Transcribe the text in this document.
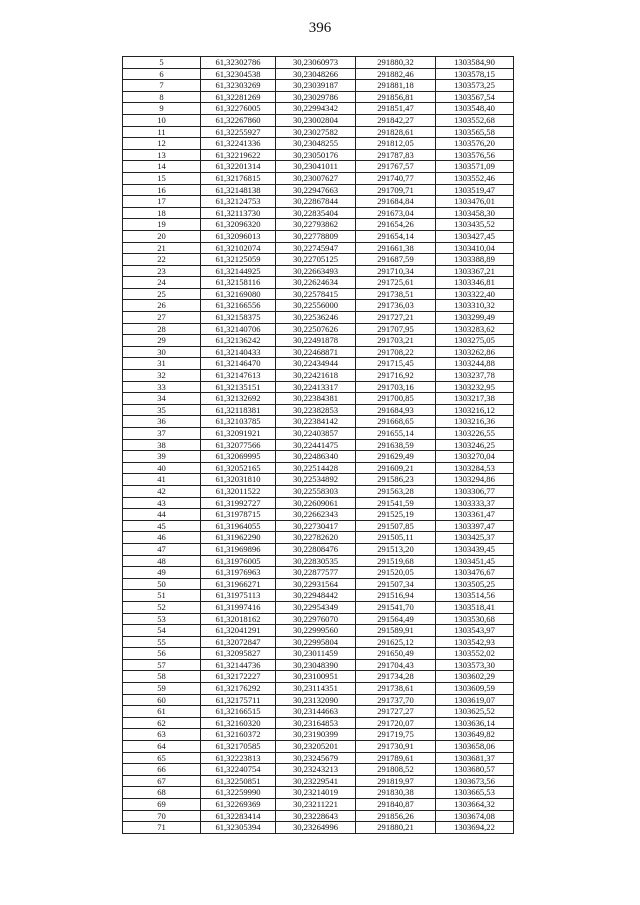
396
5	61,32302786	30,23060973	291880,32	1303584,90
6	61,32304538	30,23048266	291882,46	1303578,15
7	61,32303269	30,23039187	291881,18	1303573,25
8	61,32281269	30,23029786	291856,81	1303567,54
9	61,32276005	30,22994342	291851,47	1303548,40
10	61,32267860	30,23002804	291842,27	1303552,68
11	61,32255927	30,23027582	291828,61	1303565,58
12	61,32241336	30,23048255	291812,05	1303576,20
13	61,32219622	30,23050176	291787,83	1303576,56
14	61,32201314	30,23041011	291767,57	1303571,09
15	61,32176815	30,23007627	291740,77	1303552,46
16	61,32148138	30,22947663	291709,71	1303519,47
17	61,32124753	30,22867844	291684,84	1303476,01
18	61,32113730	30,22835404	291673,04	1303458,30
19	61,32096320	30,22793862	291654,26	1303435,52
20	61,32096013	30,22778809	291654,14	1303427,45
21	61,32102074	30,22745947	291661,38	1303410,04
22	61,32125059	30,22705125	291687,59	1303388,89
23	61,32144925	30,22663493	291710,34	1303367,21
24	61,32158116	30,22624634	291725,61	1303346,81
25	61,32169080	30,22578415	291738,51	1303322,40
26	61,32166556	30,22556000	291736,03	1303310,32
27	61,32158375	30,22536246	291727,21	1303299,49
28	61,32140706	30,22507626	291707,95	1303283,62
29	61,32136242	30,22491878	291703,21	1303275,05
30	61,32140433	30,22468871	291708,22	1303262,86
31	61,32146470	30,22434944	291715,45	1303244,88
32	61,32147613	30,22421618	291716,92	1303237,78
33	61,32135151	30,22413317	291703,16	1303232,95
34	61,32132692	30,22384381	291700,85	1303217,38
35	61,32118381	30,22382853	291684,93	1303216,12
36	61,32103785	30,22384142	291668,65	1303216,36
37	61,32091921	30,22403857	291655,14	1303226,55
38	61,32077566	30,22441475	291638,59	1303246,25
39	61,32069995	30,22486340	291629,49	1303270,04
40	61,32052165	30,22514428	291609,21	1303284,53
41	61,32031810	30,22534892	291586,23	1303294,86
42	61,32011522	30,22558303	291563,28	1303306,77
43	61,31992727	30,22609061	291541,59	1303333,37
44	61,31978715	30,22662343	291525,19	1303361,47
45	61,31964055	30,22730417	291507,85	1303397,47
46	61,31962290	30,22782620	291505,11	1303425,37
47	61,31969896	30,22808476	291513,20	1303439,45
48	61,31976005	30,22830535	291519,68	1303451,45
49	61,31976963	30,22877577	291520,05	1303476,67
50	61,31966271	30,22931564	291507,34	1303505,25
51	61,31975113	30,22948442	291516,94	1303514,56
52	61,31997416	30,22954349	291541,70	1303518,41
53	61,32018162	30,22976070	291564,49	1303530,68
54	61,32041291	30,22999560	291589,91	1303543,97
55	61,32072847	30,22995804	291625,12	1303542,93
56	61,32095827	30,23011459	291650,49	1303552,02
57	61,32144736	30,23048390	291704,43	1303573,30
58	61,32172227	30,23100951	291734,28	1303602,29
59	61,32176292	30,23114351	291738,61	1303609,59
60	61,32175711	30,23132090	291737,70	1303619,07
61	61,32166515	30,23144663	291727,27	1303625,52
62	61,32160320	30,23164853	291720,07	1303636,14
63	61,32160372	30,23190399	291719,75	1303649,82
64	61,32170585	30,23205201	291730,91	1303658,06
65	61,32223813	30,23245679	291789,61	1303681,37
66	61,32240754	30,23243213	291808,52	1303680,57
67	61,32250851	30,23229541	291819,97	1303673,56
68	61,32259990	30,23214019	291830,38	1303665,53
69	61,32269369	30,23211221	291840,87	1303664,32
70	61,32283414	30,23228643	291856,26	1303674,08
71	61,32305394	30,23264996	291880,21	1303694,22
